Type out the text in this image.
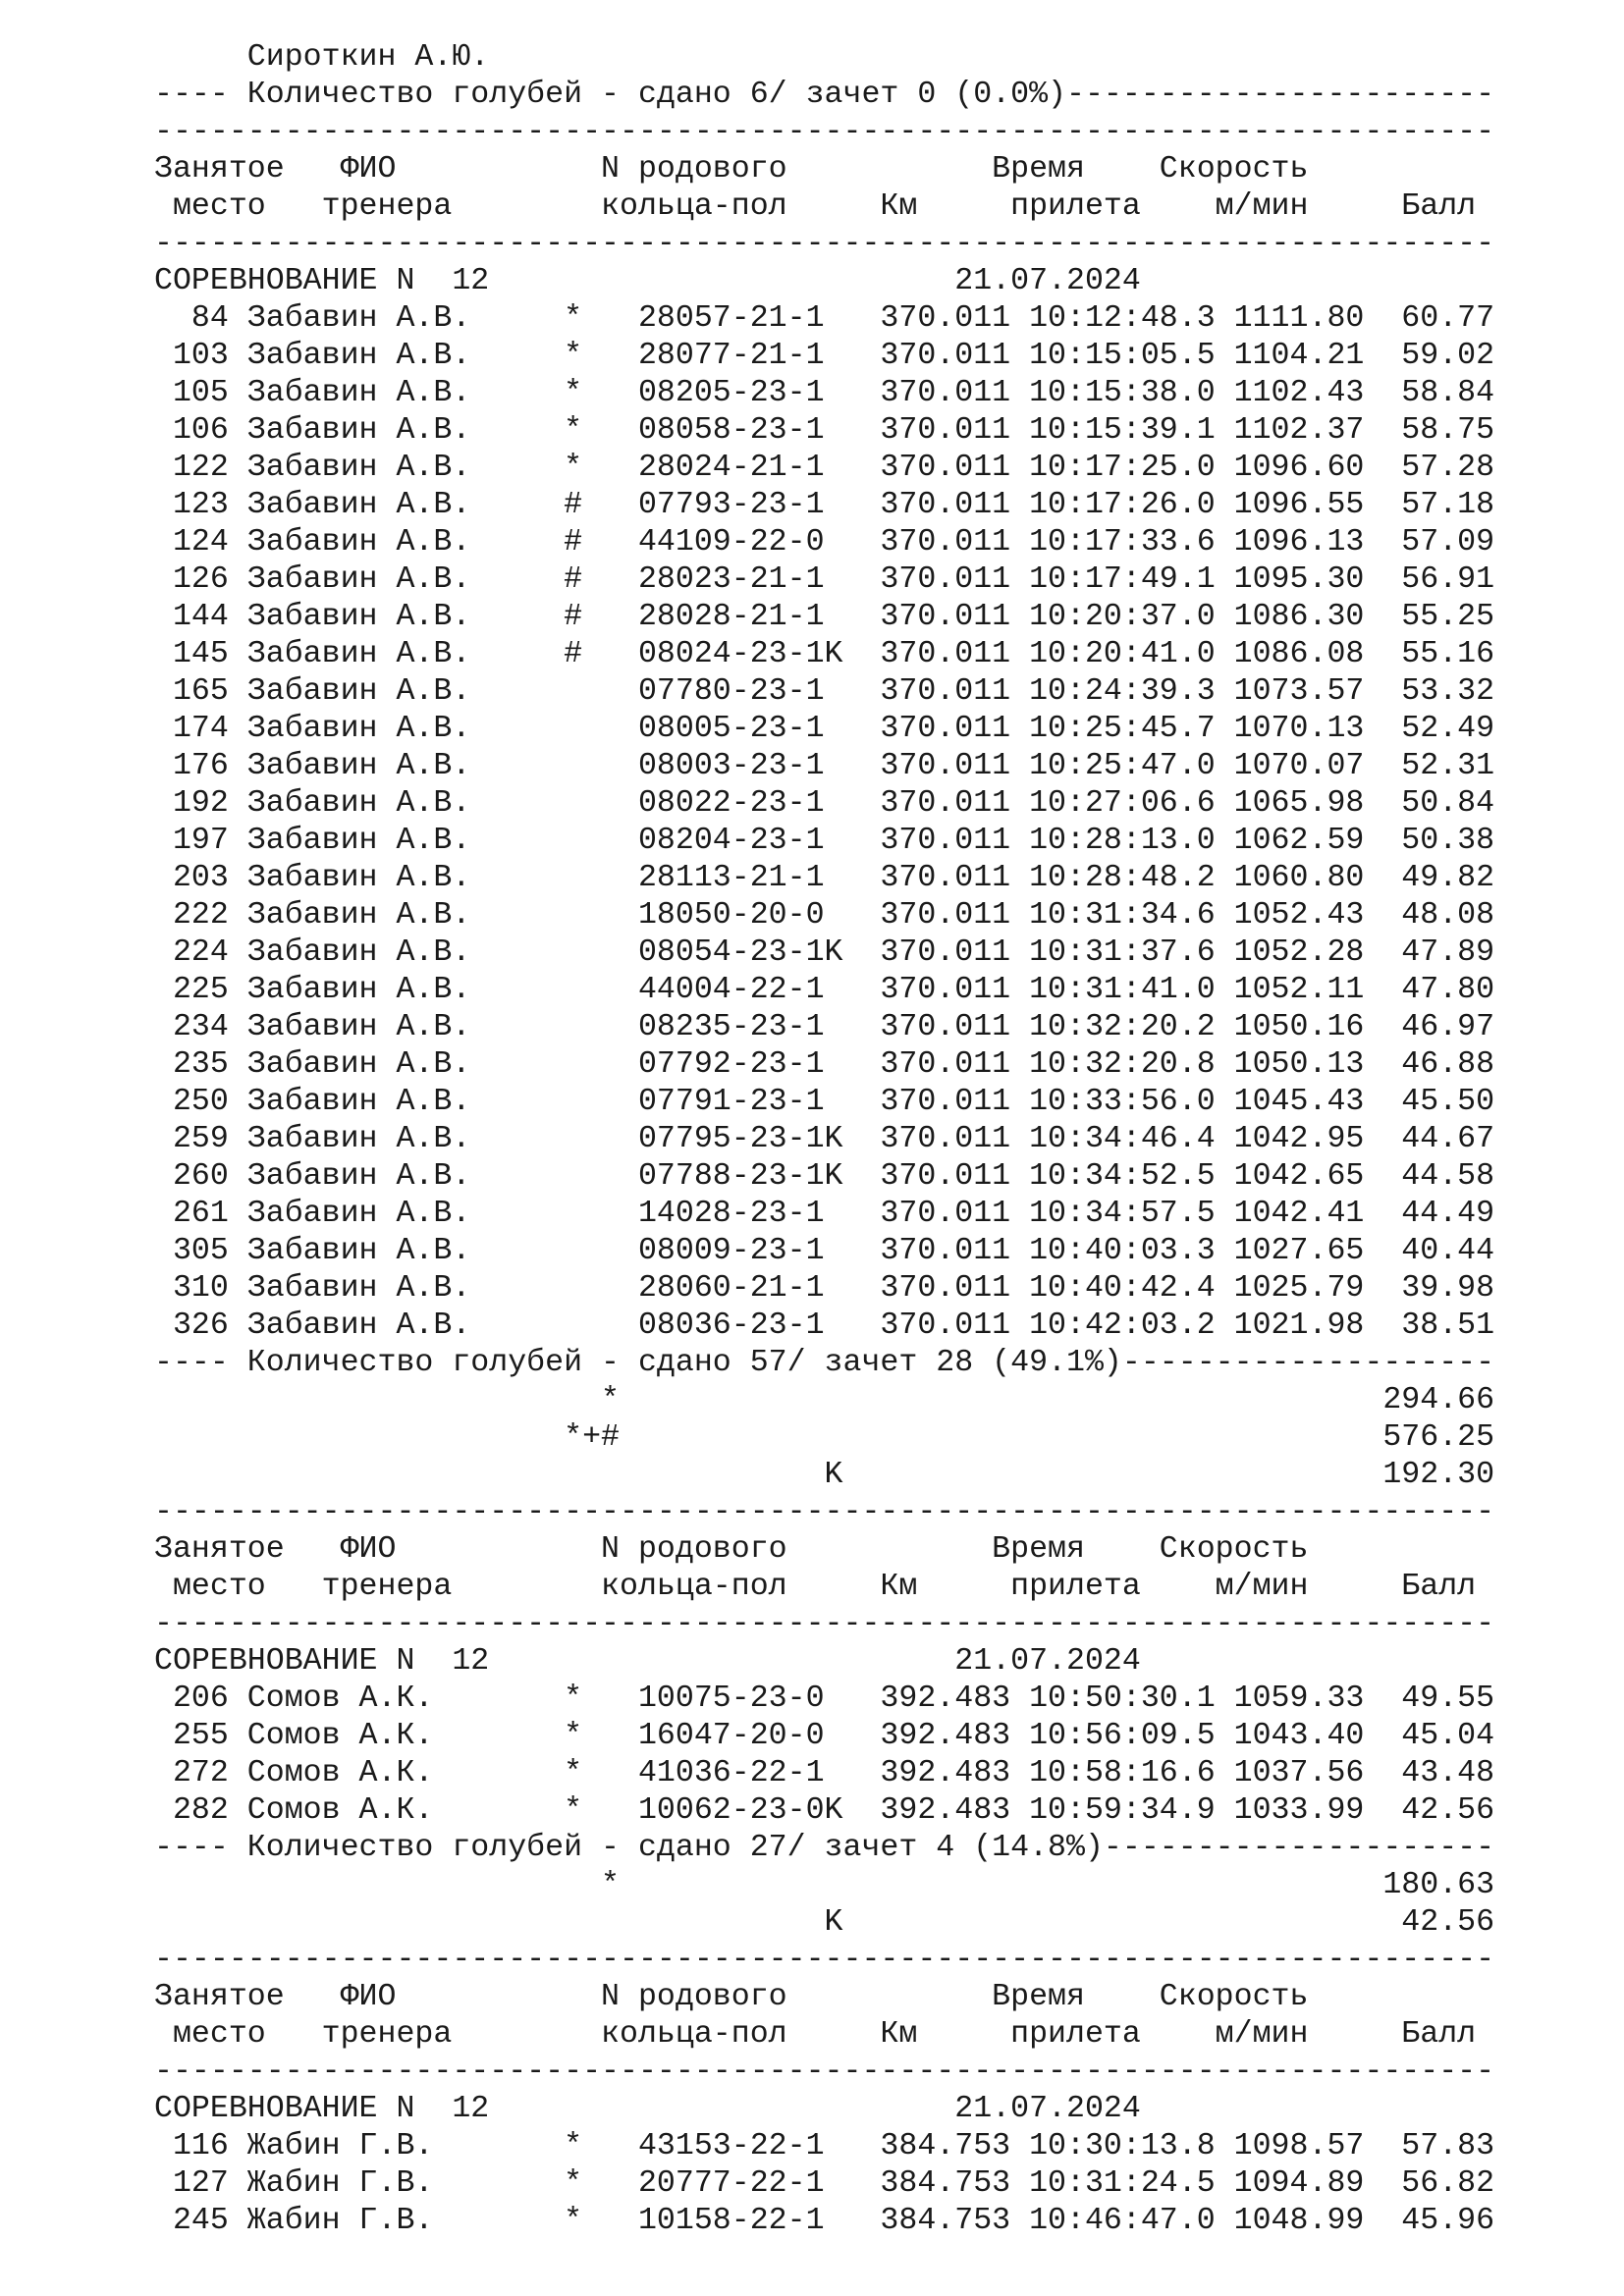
Сироткин А.Ю.
---- Количество голубей - сдано 6/ зачет 0 (0.0%)-----------------------
------------------------------------------------------------------------
Занятое   ФИО           N родового           Время    Скорость
место   тренера        кольца-пол     Км     прилета    м/мин     Балл
------------------------------------------------------------------------
СОРЕВНОВАНИЕ N  12                         21.07.2024
84 Забавин А.В.     *   28057-21-1   370.011 10:12:48.3 1111.80  60.77
103 Забавин А.В.     *   28077-21-1   370.011 10:15:05.5 1104.21  59.02
105 Забавин А.В.     *   08205-23-1   370.011 10:15:38.0 1102.43  58.84
106 Забавин А.В.     *   08058-23-1   370.011 10:15:39.1 1102.37  58.75
122 Забавин А.В.     *   28024-21-1   370.011 10:17:25.0 1096.60  57.28
123 Забавин А.В.     #   07793-23-1   370.011 10:17:26.0 1096.55  57.18
124 Забавин А.В.     #   44109-22-0   370.011 10:17:33.6 1096.13  57.09
126 Забавин А.В.     #   28023-21-1   370.011 10:17:49.1 1095.30  56.91
144 Забавин А.В.     #   28028-21-1   370.011 10:20:37.0 1086.30  55.25
145 Забавин А.В.     #   08024-23-1K  370.011 10:20:41.0 1086.08  55.16
165 Забавин А.В.         07780-23-1   370.011 10:24:39.3 1073.57  53.32
174 Забавин А.В.         08005-23-1   370.011 10:25:45.7 1070.13  52.49
176 Забавин А.В.         08003-23-1   370.011 10:25:47.0 1070.07  52.31
192 Забавин А.В.         08022-23-1   370.011 10:27:06.6 1065.98  50.84
197 Забавин А.В.         08204-23-1   370.011 10:28:13.0 1062.59  50.38
203 Забавин А.В.         28113-21-1   370.011 10:28:48.2 1060.80  49.82
222 Забавин А.В.         18050-20-0   370.011 10:31:34.6 1052.43  48.08
224 Забавин А.В.         08054-23-1K  370.011 10:31:37.6 1052.28  47.89
225 Забавин А.В.         44004-22-1   370.011 10:31:41.0 1052.11  47.80
234 Забавин А.В.         08235-23-1   370.011 10:32:20.2 1050.16  46.97
235 Забавин А.В.         07792-23-1   370.011 10:32:20.8 1050.13  46.88
250 Забавин А.В.         07791-23-1   370.011 10:33:56.0 1045.43  45.50
259 Забавин А.В.         07795-23-1K  370.011 10:34:46.4 1042.95  44.67
260 Забавин А.В.         07788-23-1K  370.011 10:34:52.5 1042.65  44.58
261 Забавин А.В.         14028-23-1   370.011 10:34:57.5 1042.41  44.49
305 Забавин А.В.         08009-23-1   370.011 10:40:03.3 1027.65  40.44
310 Забавин А.В.         28060-21-1   370.011 10:40:42.4 1025.79  39.98
326 Забавин А.В.         08036-23-1   370.011 10:42:03.2 1021.98  38.51
---- Количество голубей - сдано 57/ зачет 28 (49.1%)--------------------
*                                         294.66
*+#                                         576.25
K                             192.30
------------------------------------------------------------------------
Занятое   ФИО           N родового           Время    Скорость
место   тренера        кольца-пол     Км     прилета    м/мин     Балл
------------------------------------------------------------------------
СОРЕВНОВАНИЕ N  12                         21.07.2024
206 Сомов А.К.       *   10075-23-0   392.483 10:50:30.1 1059.33  49.55
255 Сомов А.К.       *   16047-20-0   392.483 10:56:09.5 1043.40  45.04
272 Сомов А.К.       *   41036-22-1   392.483 10:58:16.6 1037.56  43.48
282 Сомов А.К.       *   10062-23-0K  392.483 10:59:34.9 1033.99  42.56
---- Количество голубей - сдано 27/ зачет 4 (14.8%)---------------------
*                                         180.63
K                              42.56
------------------------------------------------------------------------
Занятое   ФИО           N родового           Время    Скорость
место   тренера        кольца-пол     Км     прилета    м/мин     Балл
------------------------------------------------------------------------
СОРЕВНОВАНИЕ N  12                         21.07.2024
116 Жабин Г.В.       *   43153-22-1   384.753 10:30:13.8 1098.57  57.83
127 Жабин Г.В.       *   20777-22-1   384.753 10:31:24.5 1094.89  56.82
245 Жабин Г.В.       *   10158-22-1   384.753 10:46:47.0 1048.99  45.96
